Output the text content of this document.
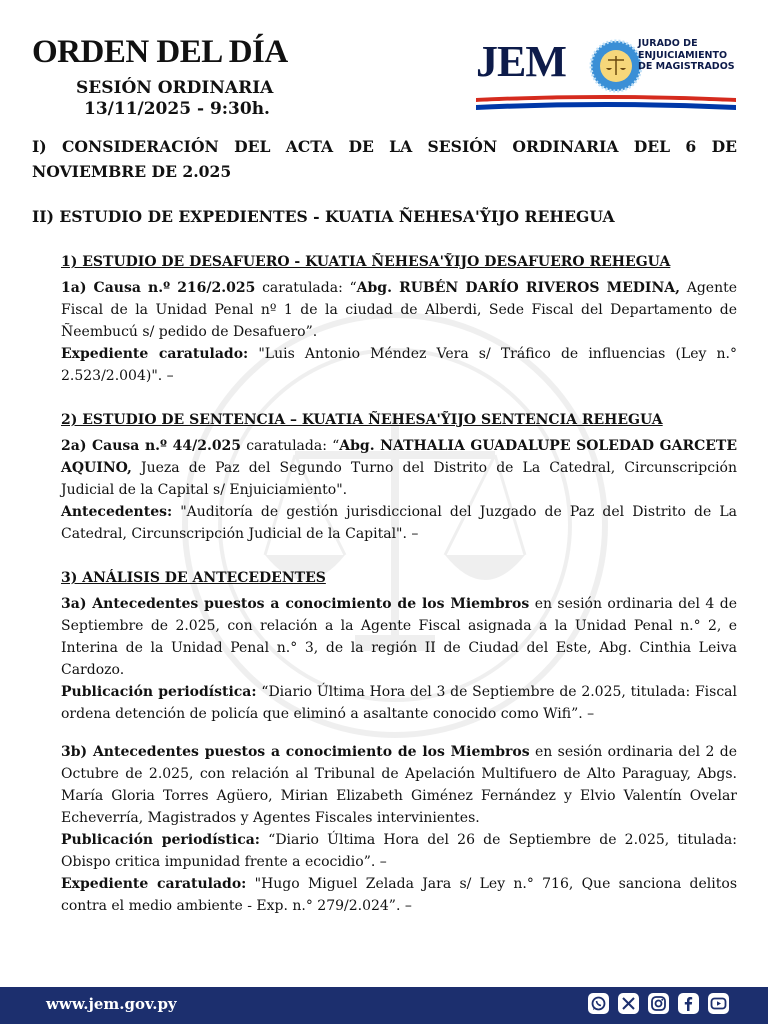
ORDEN DEL DÍA
SESIÓN ORDINARIA
13/11/2025 - 9:30h.
JEM	JURADO DE
ENJUICIAMIENTO
DE MAGISTRADOS

I) CONSIDERACIÓN DEL ACTA DE LA SESIÓN ORDINARIA DEL 6 DE NOVIEMBRE DE 2.025

II) ESTUDIO DE EXPEDIENTES - KUATIA ÑEHESA'ỸIJO REHEGUA

1) ESTUDIO DE DESAFUERO - KUATIA ÑEHESA'ỸIJO DESAFUERO REHEGUA
1a) Causa n.º 216/2.025 caratulada: “Abg. RUBÉN DARÍO RIVEROS MEDINA, Agente Fiscal de la Unidad Penal nº 1 de la ciudad de Alberdi, Sede Fiscal del Departamento de Ñeembucú s/ pedido de Desafuero”.
Expediente caratulado: "Luis Antonio Méndez Vera s/ Tráfico de influencias (Ley n.° 2.523/2.004)". –
2) ESTUDIO DE SENTENCIA – KUATIA ÑEHESA'ỸIJO SENTENCIA REHEGUA
2a) Causa n.º 44/2.025 caratulada: “Abg. NATHALIA GUADALUPE SOLEDAD GARCETE AQUINO, Jueza de Paz del Segundo Turno del Distrito de La Catedral, Circunscripción Judicial de la Capital s/ Enjuiciamiento".
Antecedentes: "Auditoría de gestión jurisdiccional del Juzgado de Paz del Distrito de La Catedral, Circunscripción Judicial de la Capital". –
3) ANÁLISIS DE ANTECEDENTES
3a) Antecedentes puestos a conocimiento de los Miembros en sesión ordinaria del 4 de Septiembre de 2.025, con relación a la Agente Fiscal asignada a la Unidad Penal n.° 2, e Interina de la Unidad Penal n.° 3, de la región II de Ciudad del Este, Abg. Cinthia Leiva Cardozo.
Publicación periodística: “Diario Última Hora del 3 de Septiembre de 2.025, titulada: Fiscal ordena detención de policía que eliminó a asaltante conocido como Wifi”. –
3b) Antecedentes puestos a conocimiento de los Miembros en sesión ordinaria del 2 de Octubre de 2.025, con relación al Tribunal de Apelación Multifuero de Alto Paraguay, Abgs. María Gloria Torres Agüero, Mirian Elizabeth Giménez Fernández y Elvio Valentín Ovelar Echeverría, Magistrados y Agentes Fiscales intervinientes.
Publicación periodística: “Diario Última Hora del 26 de Septiembre de 2.025, titulada: Obispo critica impunidad frente a ecocidio”. –
Expediente caratulado: "Hugo Miguel Zelada Jara s/ Ley n.° 716, Que sanciona delitos contra el medio ambiente - Exp. n.° 279/2.024”. –
www.jem.gov.py
